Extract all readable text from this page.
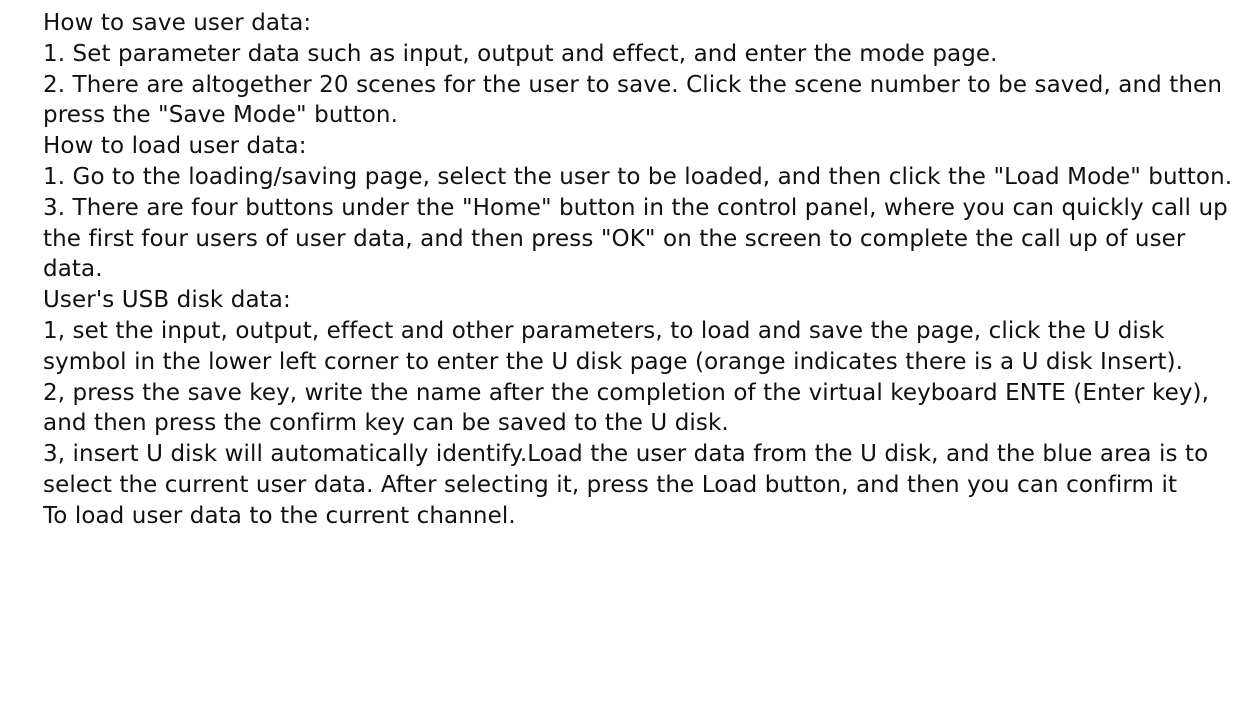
How to save user data:

1. Set parameter data such as input, output and effect, and enter the mode page.

2. There are altogether 20 scenes for the user to save. Click the scene number to be saved, and then press the "Save Mode" button.

How to load user data:

1. Go to the loading/saving page, select the user to be loaded, and then click the "Load Mode" button.

3. There are four buttons under the "Home" button in the control panel, where you can quickly call up the first four users of user data, and then press "OK" on the screen to complete the call up of user data.

User's USB disk data:

1, set the input, output, effect and other parameters, to load and save the page, click the U disk symbol in the lower left corner to enter the U disk page (orange indicates there is a U disk Insert).

2, press the save key, write the name after the completion of the virtual keyboard ENTE (Enter key), and then press the confirm key can be saved to the U disk.

3, insert U disk will automatically identify.Load the user data from the U disk, and the blue area is to select the current user data. After selecting it, press the Load button, and then you can confirm it

To load user data to the current channel.
